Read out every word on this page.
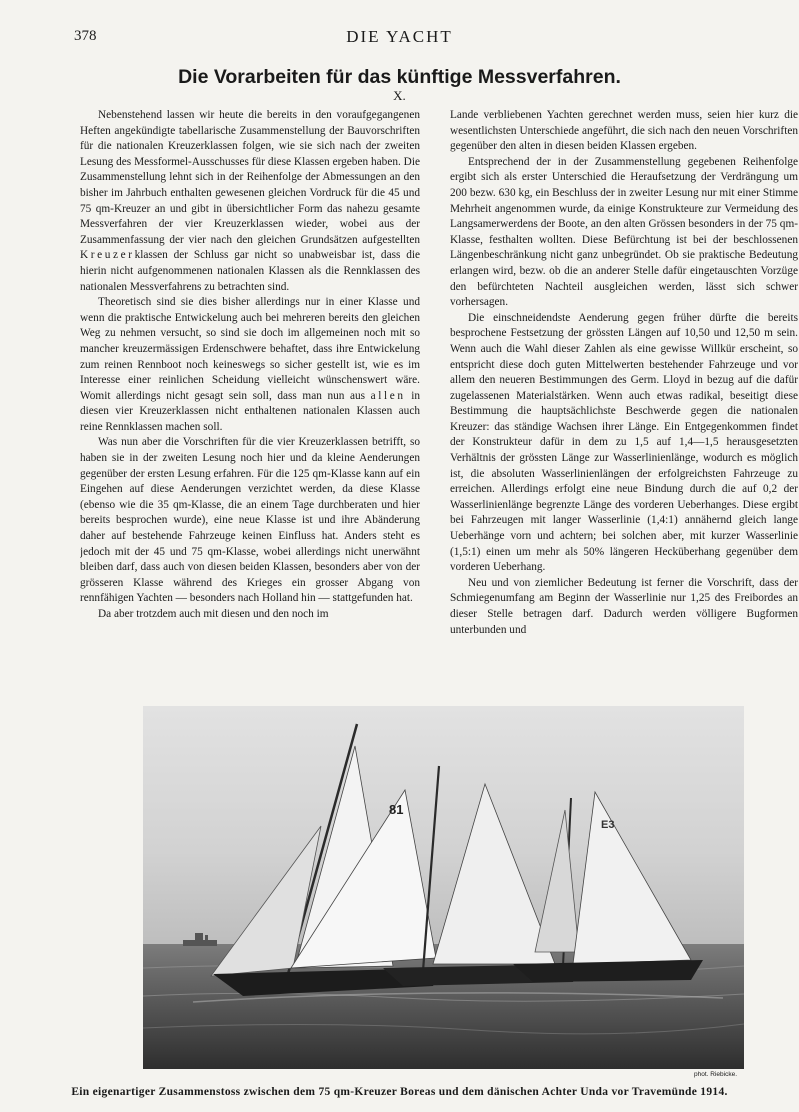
378	DIE YACHT
Die Vorarbeiten für das künftige Messverfahren.
X.

Nebenstehend lassen wir heute die bereits in den voraufgegangenen Heften angekündigte tabellarische Zusammenstellung der Bauvorschriften für die nationalen Kreuzerklassen folgen, wie sie sich nach der zweiten Lesung des Messformel-Ausschusses für diese Klassen ergeben haben. Die Zusammenstellung lehnt sich in der Reihenfolge der Abmessungen an den bisher im Jahrbuch enthalten gewesenen gleichen Vordruck für die 45 und 75 qm-Kreuzer an und gibt in übersichtlicher Form das nahezu gesamte Messverfahren der vier Kreuzerklassen wieder, wobei aus der Zusammenfassung der vier nach den gleichen Grundsätzen aufgestellten Kreuzerklassen der Schluss gar nicht so unabweisbar ist, dass die hierin nicht aufgenommenen nationalen Klassen als die Rennklassen des nationalen Messverfahrens zu betrachten sind.

Theoretisch sind sie dies bisher allerdings nur in einer Klasse und wenn die praktische Entwickelung auch bei mehreren bereits den gleichen Weg zu nehmen versucht, so sind sie doch im allgemeinen noch mit so mancher kreuzermässigen Erdenschwere behaftet, dass ihre Entwickelung zum reinen Rennboot noch keineswegs so sicher gestellt ist, wie es im Interesse einer reinlichen Scheidung vielleicht wünschenswert wäre. Womit allerdings nicht gesagt sein soll, dass man nun aus allen in diesen vier Kreuzerklassen nicht enthaltenen nationalen Klassen auch reine Rennklassen machen soll.

Was nun aber die Vorschriften für die vier Kreuzerklassen betrifft, so haben sie in der zweiten Lesung noch hier und da kleine Aenderungen gegenüber der ersten Lesung erfahren. Für die 125 qm-Klasse kann auf ein Eingehen auf diese Aenderungen verzichtet werden, da diese Klasse (ebenso wie die 35 qm-Klasse, die an einem Tage durchberaten und hier bereits besprochen wurde), eine neue Klasse ist und ihre Abänderung daher auf bestehende Fahrzeuge keinen Einfluss hat. Anders steht es jedoch mit der 45 und 75 qm-Klasse, wobei allerdings nicht unerwähnt bleiben darf, dass auch von diesen beiden Klassen, besonders aber von der grösseren Klasse während des Krieges ein grosser Abgang von rennfähigen Yachten — besonders nach Holland hin — stattgefunden hat.

Da aber trotzdem auch mit diesen und den noch im

Lande verbliebenen Yachten gerechnet werden muss, seien hier kurz die wesentlichsten Unterschiede angeführt, die sich nach den neuen Vorschriften gegenüber den alten in diesen beiden Klassen ergeben.

Entsprechend der in der Zusammenstellung gegebenen Reihenfolge ergibt sich als erster Unterschied die Heraufsetzung der Verdrängung um 200 bezw. 630 kg, ein Beschluss der in zweiter Lesung nur mit einer Stimme Mehrheit angenommen wurde, da einige Konstrukteure zur Vermeidung des Langsamerwerdens der Boote, an den alten Grössen besonders in der 75 qm-Klasse, festhalten wollten. Diese Befürchtung ist bei der beschlossenen Längenbeschränkung nicht ganz unbegründet. Ob sie praktische Bedeutung erlangen wird, bezw. ob die an anderer Stelle dafür eingetauschten Vorzüge den befürchteten Nachteil ausgleichen werden, lässt sich schwer vorhersagen.

Die einschneidendste Aenderung gegen früher dürfte die bereits besprochene Festsetzung der grössten Längen auf 10,50 und 12,50 m sein. Wenn auch die Wahl dieser Zahlen als eine gewisse Willkür erscheint, so entspricht diese doch guten Mittelwerten bestehender Fahrzeuge und vor allem den neueren Bestimmungen des Germ. Lloyd in bezug auf die dafür zugelassenen Materialstärken. Wenn auch etwas radikal, beseitigt diese Bestimmung die hauptsächlichste Beschwerde gegen die nationalen Kreuzer: das ständige Wachsen ihrer Länge. Ein Entgegenkommen findet der Konstrukteur dafür in dem zu 1,5 auf 1,4—1,5 herausgesetzten Verhältnis der grössten Länge zur Wasserlinienlänge, wodurch es möglich ist, die absoluten Wasserlinienlängen der erfolgreichsten Fahrzeuge zu erreichen. Allerdings erfolgt eine neue Bindung durch die auf 0,2 der Wasserlinienlänge begrenzte Länge des vorderen Ueberhanges. Diese ergibt bei Fahrzeugen mit langer Wasserlinie (1,4:1) annähernd gleich lange Ueberhänge vorn und achtern; bei solchen aber, mit kurzer Wasserlinie (1,5:1) einen um mehr als 50% längeren Hecküberhang gegenüber dem vorderen Ueberhang.

Neu und von ziemlicher Bedeutung ist ferner die Vorschrift, dass der Schmiegenumfang am Beginn der Wasserlinie nur 1,25 des Freibordes an dieser Stelle betragen darf. Dadurch werden völligere Bugformen unterbunden und

81
E3
phot. Riebicke.
Ein eigenartiger Zusammenstoss zwischen dem 75 qm-Kreuzer Boreas und dem dänischen Achter Unda vor Travemünde 1914.
